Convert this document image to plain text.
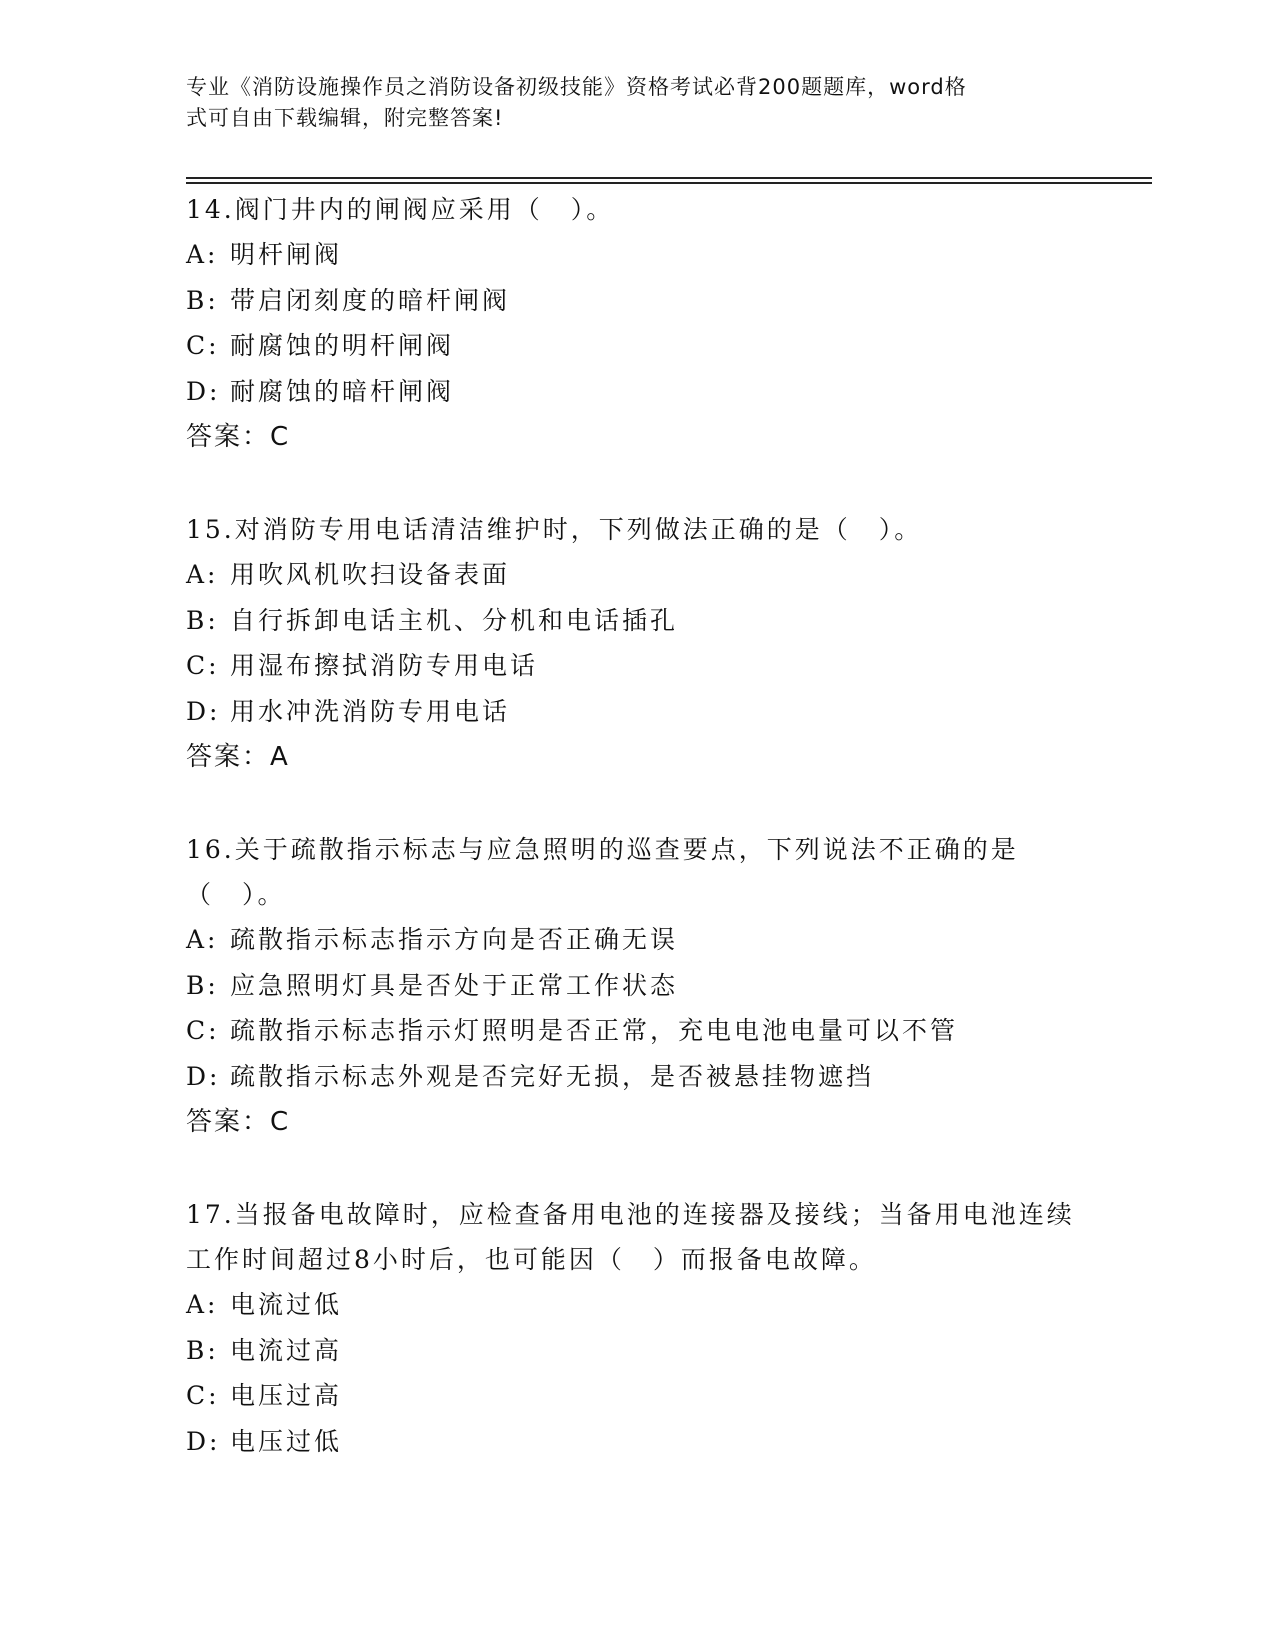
专业《消防设施操作员之消防设备初级技能》资格考试必背200题题库，word格
式可自由下载编辑，附完整答案!
14.阀门井内的闸阀应采用（　）。
A: 明杆闸阀
B: 带启闭刻度的暗杆闸阀
C: 耐腐蚀的明杆闸阀
D: 耐腐蚀的暗杆闸阀
答案：C
15.对消防专用电话清洁维护时，下列做法正确的是（　）。
A: 用吹风机吹扫设备表面
B: 自行拆卸电话主机、分机和电话插孔
C: 用湿布擦拭消防专用电话
D: 用水冲洗消防专用电话
答案：A
16.关于疏散指示标志与应急照明的巡查要点，下列说法不正确的是（　）。
A: 疏散指示标志指示方向是否正确无误
B: 应急照明灯具是否处于正常工作状态
C: 疏散指示标志指示灯照明是否正常，充电电池电量可以不管
D: 疏散指示标志外观是否完好无损，是否被悬挂物遮挡
答案：C
17.当报备电故障时，应检查备用电池的连接器及接线；当备用电池连续工作时间超过8小时后，也可能因（　）而报备电故障。
A: 电流过低
B: 电流过高
C: 电压过高
D: 电压过低
